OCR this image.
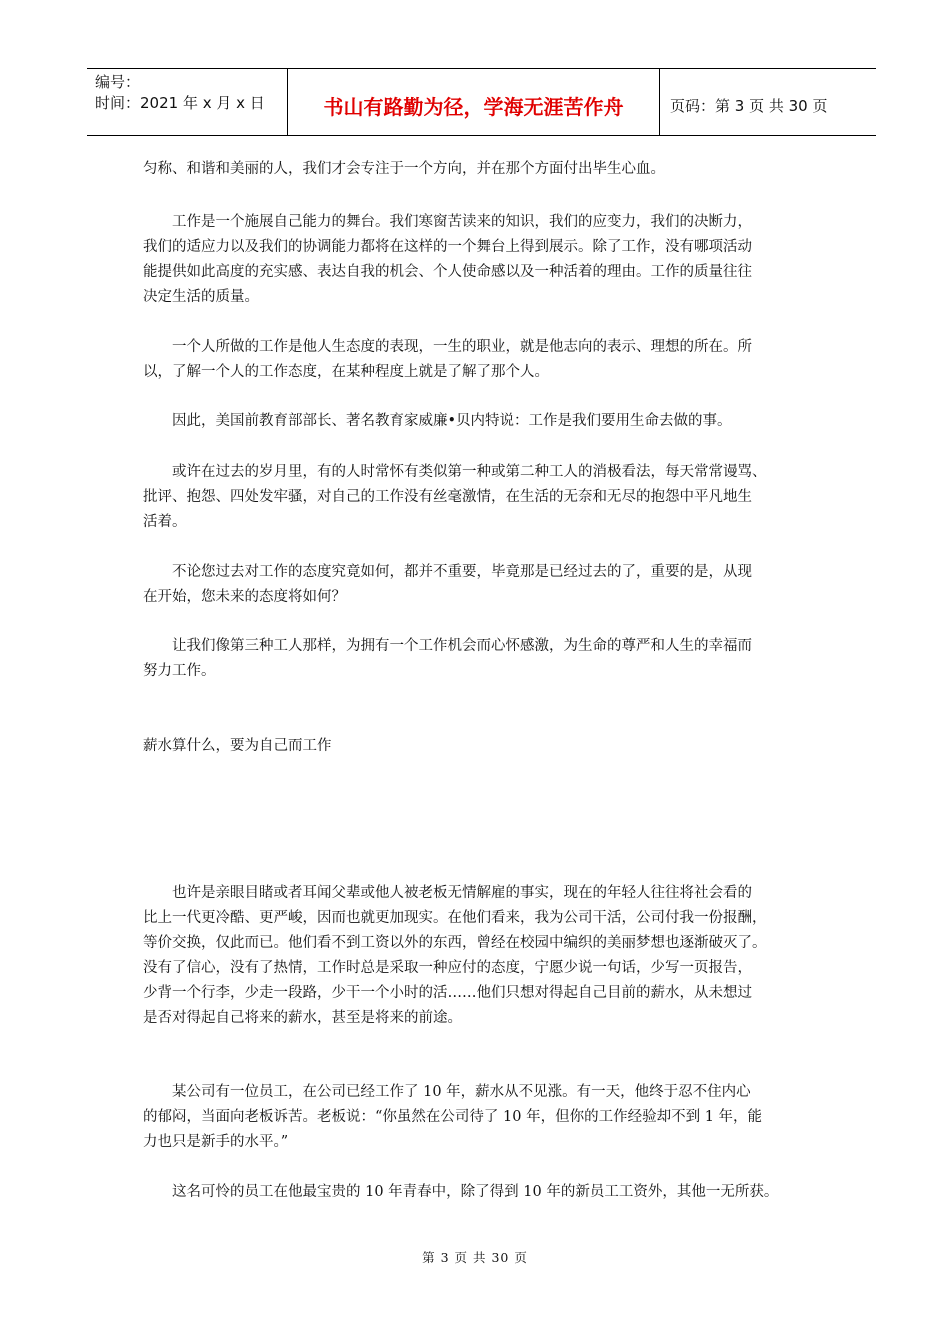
编号：
时间：2021 年 x 月 x 日	书山有路勤为径，学海无涯苦作舟	页码：第 3 页 共 30 页
匀称、和谐和美丽的人，我们才会专注于一个方向，并在那个方面付出毕生心血。
　　工作是一个施展自己能力的舞台。我们寒窗苦读来的知识，我们的应变力，我们的决断力，
我们的适应力以及我们的协调能力都将在这样的一个舞台上得到展示。除了工作，没有哪项活动
能提供如此高度的充实感、表达自我的机会、个人使命感以及一种活着的理由。工作的质量往往
决定生活的质量。
　　一个人所做的工作是他人生态度的表现，一生的职业，就是他志向的表示、理想的所在。所
以，了解一个人的工作态度，在某种程度上就是了解了那个人。
　　因此，美国前教育部部长、著名教育家威廉•贝内特说：工作是我们要用生命去做的事。
　　或许在过去的岁月里，有的人时常怀有类似第一种或第二种工人的消极看法，每天常常谩骂、
批评、抱怨、四处发牢骚，对自己的工作没有丝毫激情，在生活的无奈和无尽的抱怨中平凡地生
活着。
　　不论您过去对工作的态度究竟如何，都并不重要，毕竟那是已经过去的了，重要的是，从现
在开始，您未来的态度将如何？
　　让我们像第三种工人那样，为拥有一个工作机会而心怀感激，为生命的尊严和人生的幸福而
努力工作。
薪水算什么，要为自己而工作
　　也许是亲眼目睹或者耳闻父辈或他人被老板无情解雇的事实，现在的年轻人往往将社会看的
比上一代更冷酷、更严峻，因而也就更加现实。在他们看来，我为公司干活，公司付我一份报酬，
等价交换，仅此而已。他们看不到工资以外的东西，曾经在校园中编织的美丽梦想也逐渐破灭了。
没有了信心，没有了热情，工作时总是采取一种应付的态度，宁愿少说一句话，少写一页报告，
少背一个行李，少走一段路，少干一个小时的活……他们只想对得起自己目前的薪水，从未想过
是否对得起自己将来的薪水，甚至是将来的前途。
　　某公司有一位员工，在公司已经工作了 10 年，薪水从不见涨。有一天，他终于忍不住内心
的郁闷，当面向老板诉苦。老板说：“你虽然在公司待了 10 年，但你的工作经验却不到 1 年，能
力也只是新手的水平。”
　　这名可怜的员工在他最宝贵的 10 年青春中，除了得到 10 年的新员工工资外，其他一无所获。
第 3 页 共 30 页
